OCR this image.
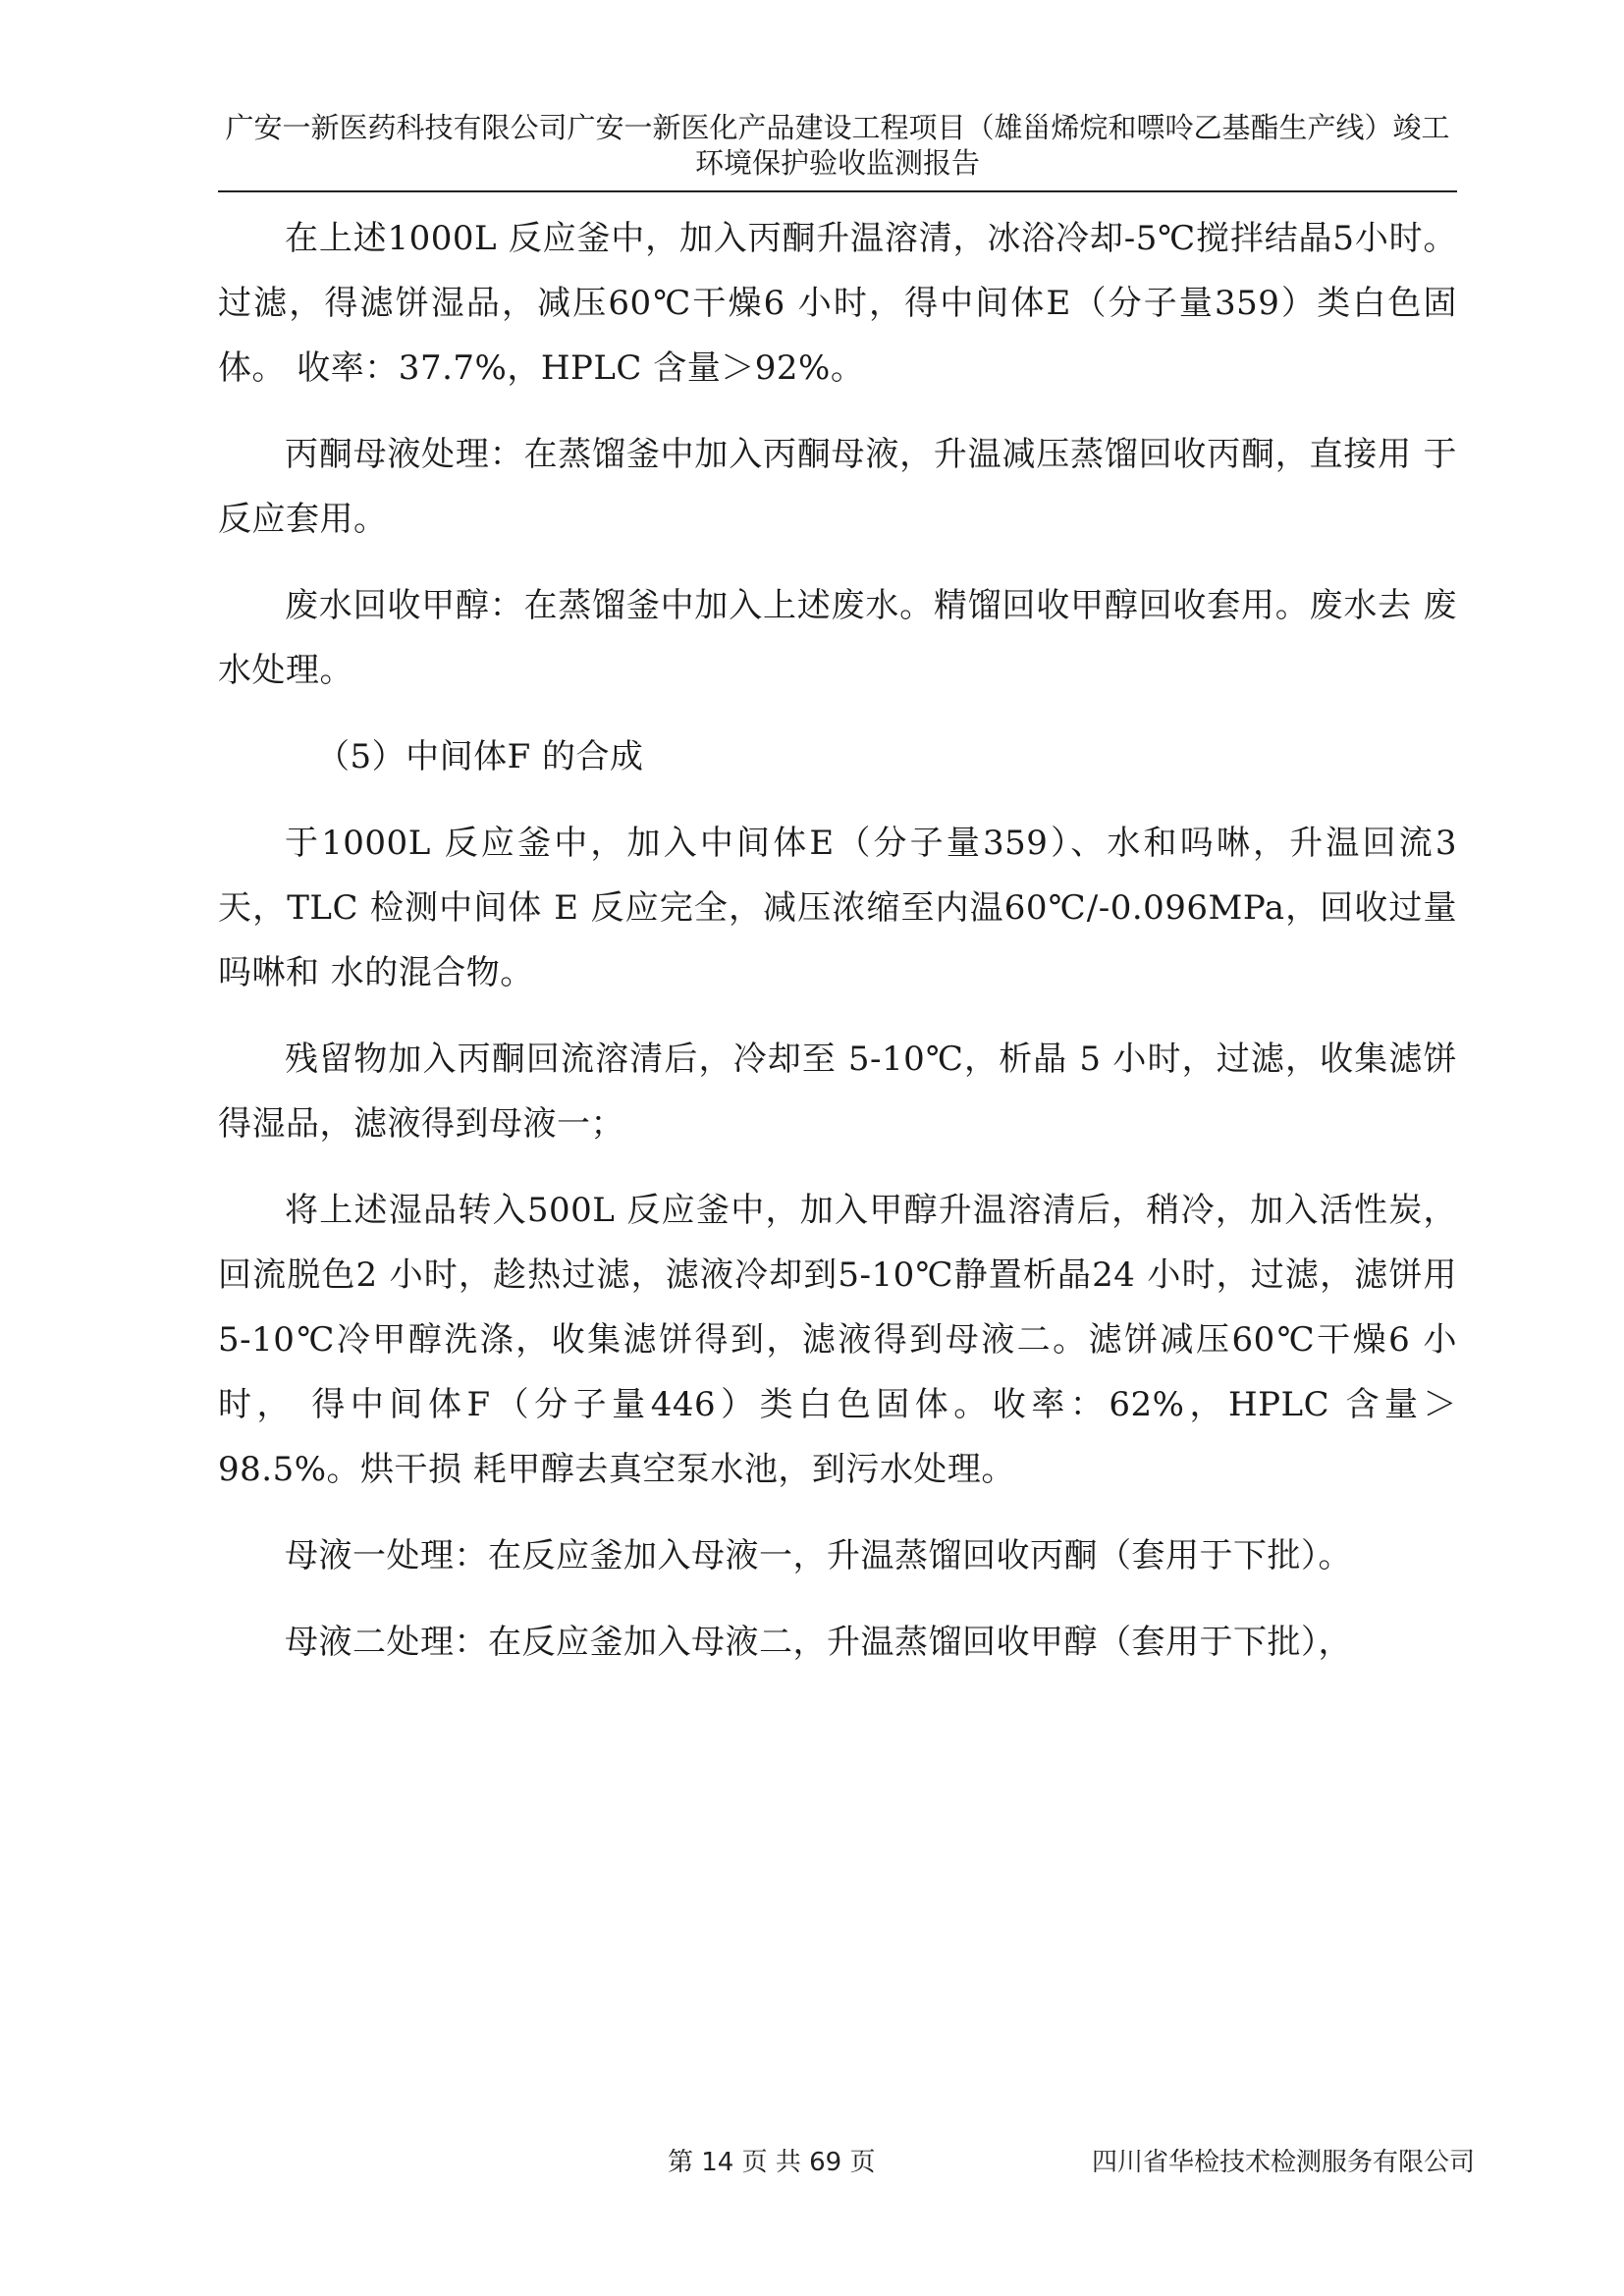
广安一新医药科技有限公司广安一新医化产品建设工程项目（雄甾烯烷和嘌呤乙基酯生产线）竣工
环境保护验收监测报告

在上述1000L 反应釜中，加入丙酮升温溶清，冰浴冷却-5℃搅拌结晶5小时。 过滤，得滤饼湿品，减压60℃干燥6 小时，得中间体E（分子量359）类白色固体。 收率：37.7%，HPLC 含量＞92%。

丙酮母液处理：在蒸馏釜中加入丙酮母液，升温减压蒸馏回收丙酮，直接用 于反应套用。

废水回收甲醇：在蒸馏釜中加入上述废水。精馏回收甲醇回收套用。废水去 废水处理。

（5）中间体F 的合成

于1000L 反应釜中，加入中间体E（分子量359）、水和吗啉，升温回流3 天，TLC 检测中间体 E 反应完全，减压浓缩至内温60℃/-0.096MPa，回收过量吗啉和 水的混合物。

残留物加入丙酮回流溶清后，冷却至 5-10℃，析晶 5 小时，过滤，收集滤饼 得湿品，滤液得到母液一；

将上述湿品转入500L 反应釜中，加入甲醇升温溶清后，稍冷，加入活性炭，回流脱色2 小时，趁热过滤，滤液冷却到5-10℃静置析晶24 小时，过滤，滤饼用 5-10℃冷甲醇洗涤，收集滤饼得到，滤液得到母液二。滤饼减压60℃干燥6 小时， 得中间体F（分子量446）类白色固体。收率：62%，HPLC 含量＞98.5%。烘干损 耗甲醇去真空泵水池，到污水处理。

母液一处理：在反应釜加入母液一，升温蒸馏回收丙酮（套用于下批）。

母液二处理：在反应釜加入母液二，升温蒸馏回收甲醇（套用于下批），

第 14 页 共 69 页	四川省华检技术检测服务有限公司
